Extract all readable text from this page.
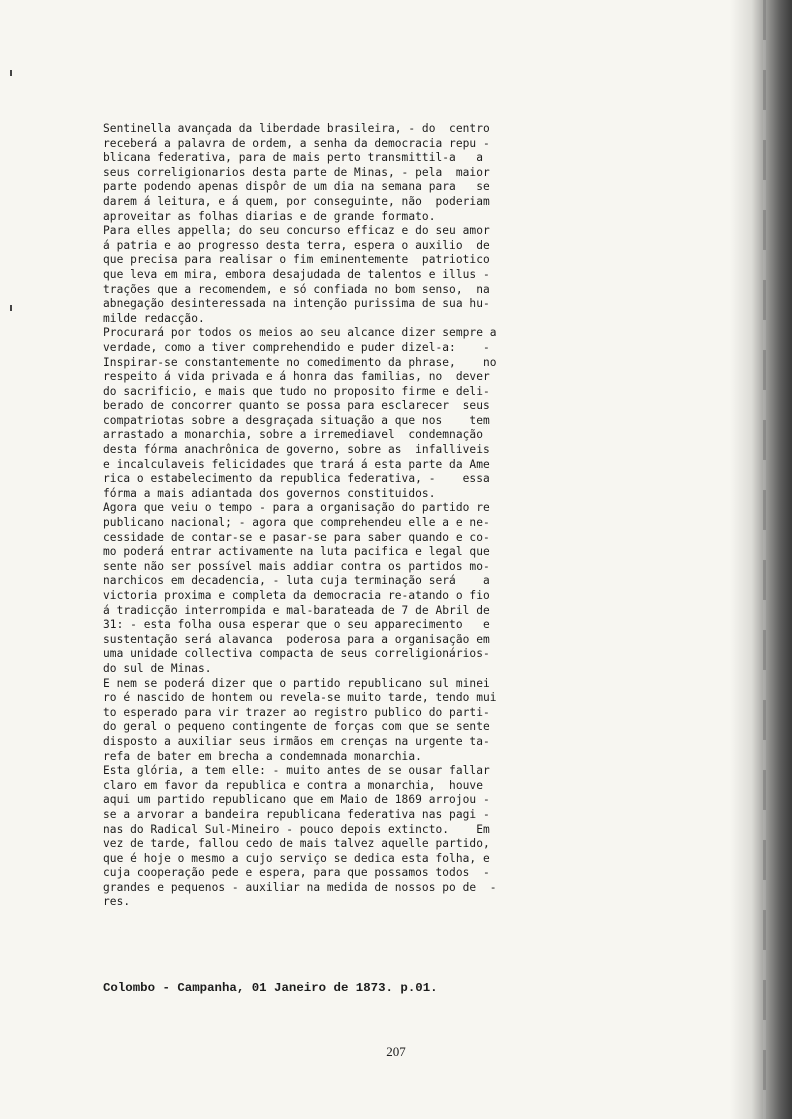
Sentinella avançada da liberdade brasileira, - do  centro
receberá a palavra de ordem, a senha da democracia repu -
blicana federativa, para de mais perto transmittil-a   a
seus correligionarios desta parte de Minas, - pela  maior
parte podendo apenas dispôr de um dia na semana para   se
darem á leitura, e á quem, por conseguinte, não  poderiam
aproveitar as folhas diarias e de grande formato.
Para elles appella; do seu concurso efficaz e do seu amor
á patria e ao progresso desta terra, espera o auxilio  de
que precisa para realisar o fim eminentemente  patriotico
que leva em mira, embora desajudada de talentos e illus -
trações que a recomendem, e só confiada no bom senso,  na
abnegação desinteressada na intenção purissima de sua hu-
milde redacção.
Procurará por todos os meios ao seu alcance dizer sempre a
verdade, como a tiver comprehendido e puder dizel-a:    -
Inspirar-se constantemente no comedimento da phrase,    no
respeito á vida privada e á honra das familias, no  dever
do sacrificio, e mais que tudo no proposito firme e deli-
berado de concorrer quanto se possa para esclarecer  seus
compatriotas sobre a desgraçada situação a que nos    tem
arrastado a monarchia, sobre a irremediavel  condemnação
desta fórma anachrônica de governo, sobre as  infalliveis
e incalculaveis felicidades que trará á esta parte da Ame
rica o estabelecimento da republica federativa, -    essa
fórma a mais adiantada dos governos constituidos.
Agora que veiu o tempo - para a organisação do partido re
publicano nacional; - agora que comprehendeu elle a e ne-
cessidade de contar-se e pasar-se para saber quando e co-
mo poderá entrar activamente na luta pacifica e legal que
sente não ser possível mais addiar contra os partidos mo-
narchicos em decadencia, - luta cuja terminação será    a
victoria proxima e completa da democracia re-atando o fio
á tradicção interrompida e mal-barateada de 7 de Abril de
31: - esta folha ousa esperar que o seu apparecimento   e
sustentação será alavanca  poderosa para a organisação em
uma unidade collectiva compacta de seus correligionários-
do sul de Minas.
E nem se poderá dizer que o partido republicano sul minei
ro é nascido de hontem ou revela-se muito tarde, tendo mui
to esperado para vir trazer ao registro publico do parti-
do geral o pequeno contingente de forças com que se sente
disposto a auxiliar seus irmãos em crenças na urgente ta-
refa de bater em brecha a condemnada monarchia.
Esta glória, a tem elle: - muito antes de se ousar fallar
claro em favor da republica e contra a monarchia,  houve
aqui um partido republicano que em Maio de 1869 arrojou -
se a arvorar a bandeira republicana federativa nas pagi -
nas do Radical Sul-Mineiro - pouco depois extincto.    Em
vez de tarde, fallou cedo de mais talvez aquelle partido,
que é hoje o mesmo a cujo serviço se dedica esta folha, e
cuja cooperação pede e espera, para que possamos todos  -
grandes e pequenos - auxiliar na medida de nossos po de  -
res.
Colombo - Campanha, 01 Janeiro de 1873. p.01.
207
